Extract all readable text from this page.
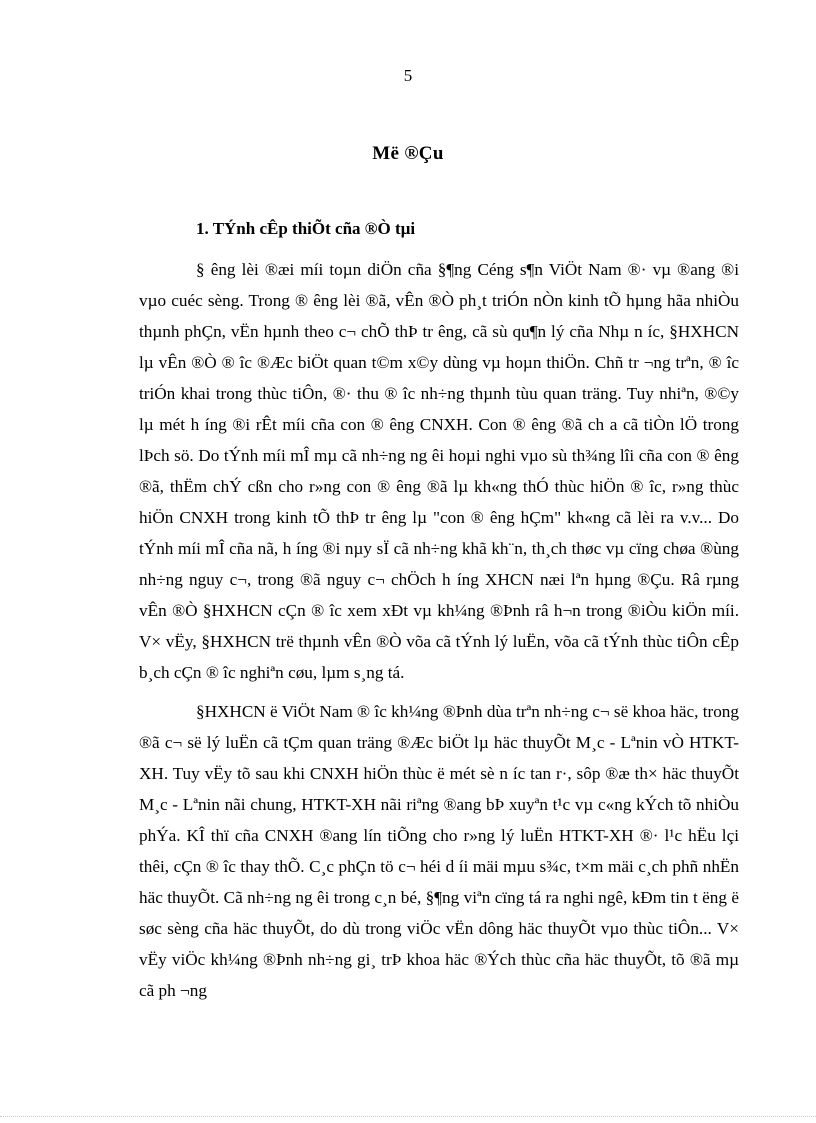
5
Më ®Çu
1. TÝnh cÊp thiÕt cña ®Ò tµi

§ êng lèi ®æi míi toµn diÖn cña §¶ng Céng s¶n ViÖt Nam ®· vµ ®ang ®i vµo cuéc sèng. Trong ® êng lèi ®ã, vÊn ®Ò ph¸t triÓn nÒn kinh tÕ hµng hãa nhiÒu thµnh phÇn, vËn hµnh theo c¬ chÕ thÞ tr êng, cã sù qu¶n lý cña Nhµ n íc, §HXHCN lµ vÊn ®Ò ® îc ®Æc biÖt quan t©m x©y dùng vµ hoµn thiÖn. Chñ tr ¬ng trªn, ® îc triÓn khai trong thùc tiÔn, ®· thu ® îc nh÷ng thµnh tùu quan träng. Tuy nhiªn, ®©y lµ mét h íng ®i rÊt míi cña con ® êng CNXH. Con ® êng ®ã ch a cã tiÒn lÖ trong lÞch sö. Do tÝnh míi mÎ mµ cã nh÷ng ng êi hoµi nghi vµo sù th¾ng lîi cña con ® êng ®ã, thËm chÝ cßn cho r»ng con ® êng ®ã lµ kh«ng thÓ thùc hiÖn ® îc, r»ng thùc hiÖn CNXH trong kinh tÕ thÞ tr êng lµ "con ® êng hÇm" kh«ng cã lèi ra v.v... Do tÝnh míi mÎ cña nã, h íng ®i nµy sÏ cã nh÷ng khã kh¨n, th¸ch thøc vµ cïng chøa ®ùng nh÷ng nguy c¬, trong ®ã nguy c¬ chÖch h íng XHCN næi lªn hµng ®Çu. Râ rµng vÊn ®Ò §HXHCN cÇn ® îc xem xÐt vµ kh¼ng ®Þnh râ h¬n trong ®iÒu kiÖn míi. V× vËy, §HXHCN trë thµnh vÊn ®Ò võa cã tÝnh lý luËn, võa cã tÝnh thùc tiÔn cÊp b¸ch cÇn ® îc nghiªn cøu, lµm s¸ng tá.

§HXHCN ë ViÖt Nam ® îc kh¼ng ®Þnh dùa trªn nh÷ng c¬ së khoa häc, trong ®ã c¬ së lý luËn cã tÇm quan träng ®Æc biÖt lµ häc thuyÕt M¸c - Lªnin vÒ HTKT-XH. Tuy vËy tõ sau khi CNXH hiÖn thùc ë mét sè n íc tan r·, sôp ®æ th× häc thuyÕt M¸c - Lªnin nãi chung, HTKT-XH nãi riªng ®ang bÞ xuyªn t¹c vµ c«ng kÝch tõ nhiÒu phÝa. KÎ thï cña CNXH ®ang lín tiÕng cho r»ng lý luËn HTKT-XH ®· l¹c hËu lçi thêi, cÇn ® îc thay thÕ. C¸c phÇn tö c¬ héi d íi mäi mµu s¾c, t×m mäi c¸ch phñ nhËn häc thuyÕt. Cã nh÷ng ng êi trong c¸n bé, §¶ng viªn cïng tá ra nghi ngê, kÐm tin t ëng ë søc sèng cña häc thuyÕt, do dù trong viÖc vËn dông häc thuyÕt vµo thùc tiÔn... V× vËy viÖc kh¼ng ®Þnh nh÷ng gi¸ trÞ khoa häc ®Ých thùc cña häc thuyÕt, tõ ®ã mµ cã ph ¬ng
